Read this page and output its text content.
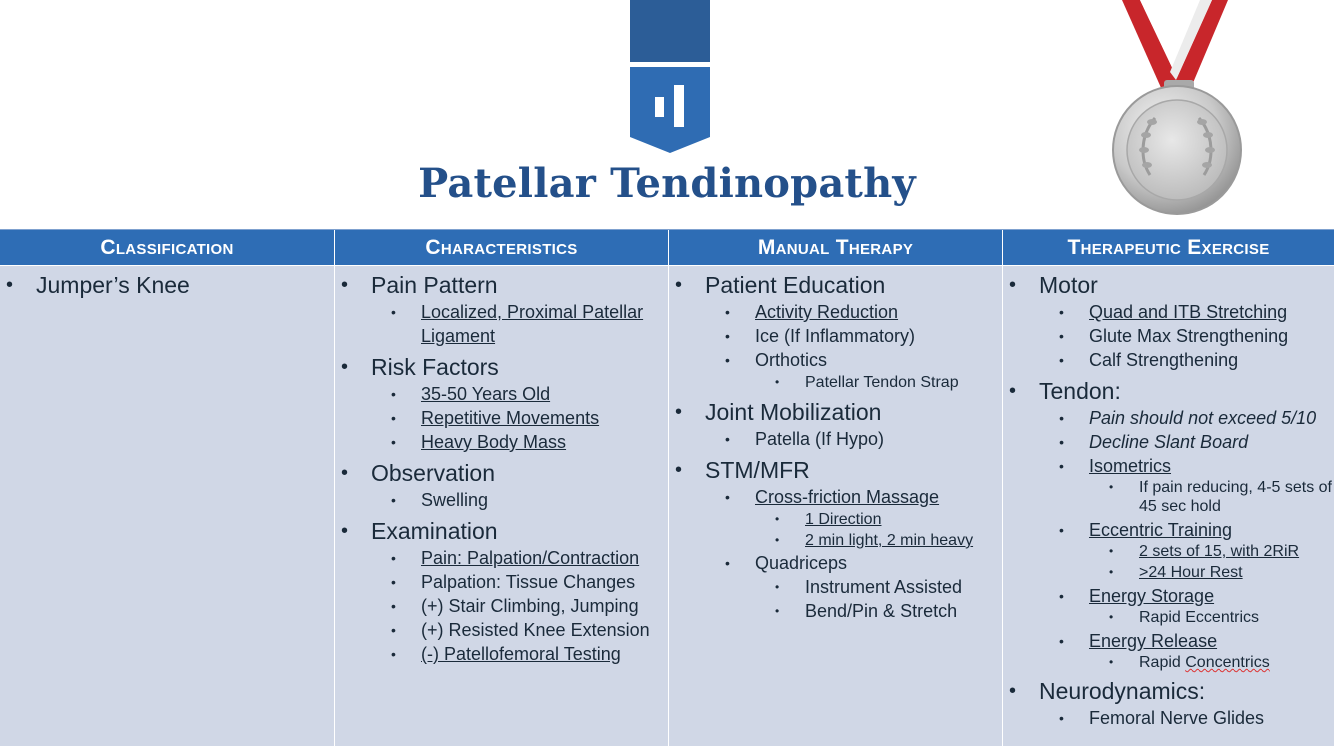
Patellar Tendinopathy
Classification	Characteristics	Manual Therapy	Therapeutic Exercise
• Jumper’s Knee
•	Pain Pattern
• Localized, Proximal Patellar Ligament
• Risk Factors
• 35-50 Years Old
• Repetitive Movements
• Heavy Body Mass
• Observation
• Swelling
• Examination
• Pain: Palpation/Contraction
• Palpation: Tissue Changes
• (+) Stair Climbing, Jumping
• (+) Resisted Knee Extension
• (-) Patellofemoral Testing
• Patient Education
• Activity Reduction
• Ice (If Inflammatory)
• Orthotics
• Patellar Tendon Strap
• Joint Mobilization
• Patella (If Hypo)
• STM/MFR
• Cross-friction Massage
• 1 Direction
• 2 min light, 2 min heavy
• Quadriceps
• Instrument Assisted
• Bend/Pin & Stretch
• Motor
• Quad and ITB Stretching
• Glute Max Strengthening
• Calf Strengthening
• Tendon:
• Pain should not exceed 5/10
• Decline Slant Board
• Isometrics
• If pain reducing, 4-5 sets of 45 sec hold
• Eccentric Training
• 2 sets of 15, with 2RiR
• >24 Hour Rest
• Energy Storage
• Rapid Eccentrics
• Energy Release
• Rapid Concentrics
• Neurodynamics:
• Femoral Nerve Glides
